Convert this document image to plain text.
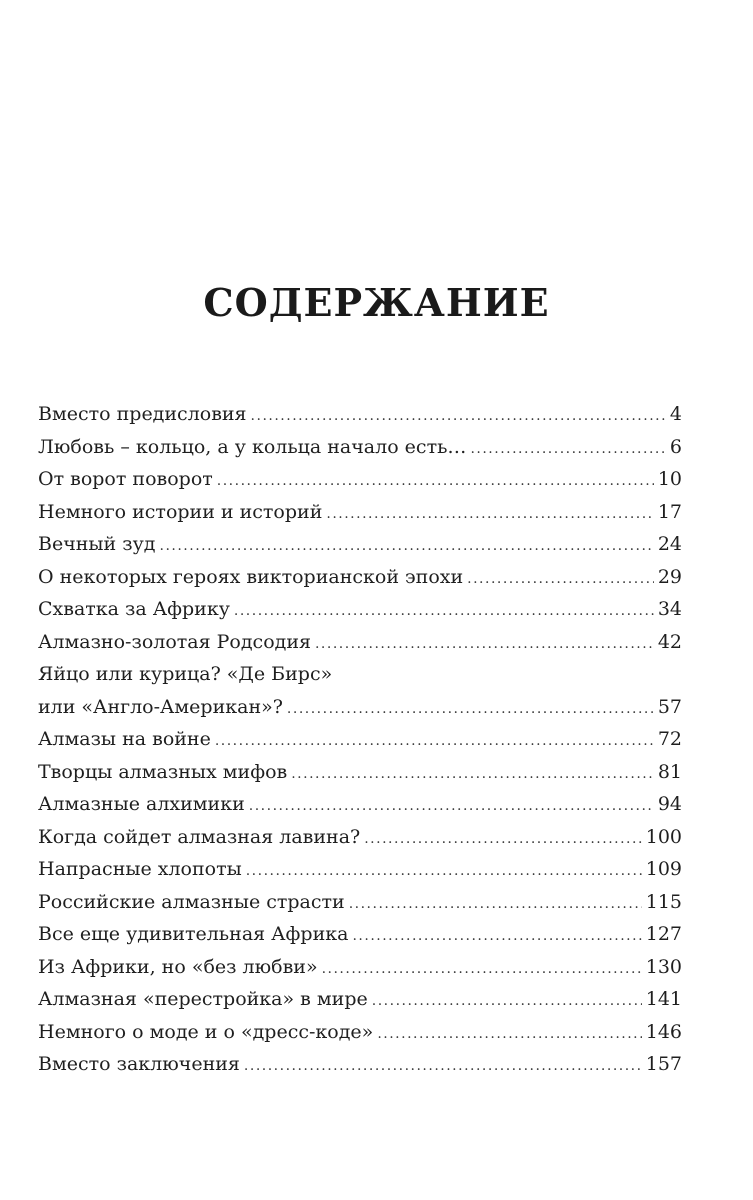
СОДЕРЖАНИЕ
Вместо предисловия .....	4
Любовь – кольцо, а у кольца начало есть… .....	6
От ворот поворот .....	10
Немного истории и историй .....	17
Вечный зуд .....	24
О некоторых героях викторианской эпохи .....	29
Схватка за Африку .....	34
Алмазно-золотая Родсодия .....	42
Яйцо или курица? «Де Бирс»
или «Англо-Американ»? .....	57
Алмазы на войне .....	72
Творцы алмазных мифов .....	81
Алмазные алхимики .....	94
Когда сойдет алмазная лавина? .....	100
Напрасные хлопоты .....	109
Российские алмазные страсти .....	115
Все еще удивительная Африка .....	127
Из Африки, но «без любви» .....	130
Алмазная «перестройка» в мире .....	141
Немного о моде и о «дресс-коде» .....	146
Вместо заключения .....	157
